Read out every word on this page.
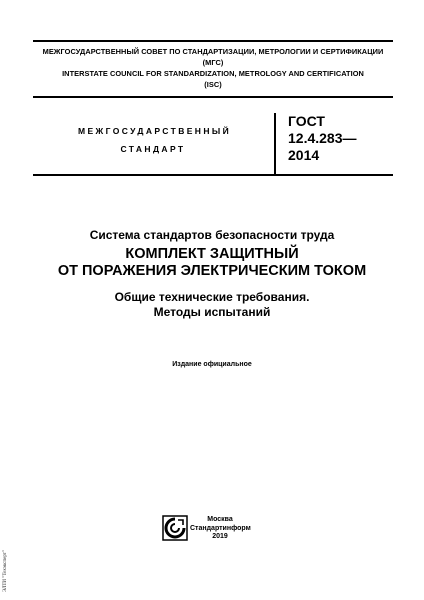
МЕЖГОСУДАРСТВЕННЫЙ СОВЕТ ПО СТАНДАРТИЗАЦИИ, МЕТРОЛОГИИ И СЕРТИФИКАЦИИ
(МГС)
INTERSTATE COUNCIL FOR STANDARDIZATION, METROLOGY AND CERTIFICATION
(ISC)
МЕЖГОСУДАРСТВЕННЫЙ
СТАНДАРТ
ГОСТ
12.4.283—
2014
Система стандартов безопасности труда
КОМПЛЕКТ ЗАЩИТНЫЙ
ОТ ПОРАЖЕНИЯ ЭЛЕКТРИЧЕСКИМ ТОКОМ
Общие технические требования.
Методы испытаний
Издание официальное
Москва
Стандартинформ
2019
ЭЛТИ "Техэксперт"
